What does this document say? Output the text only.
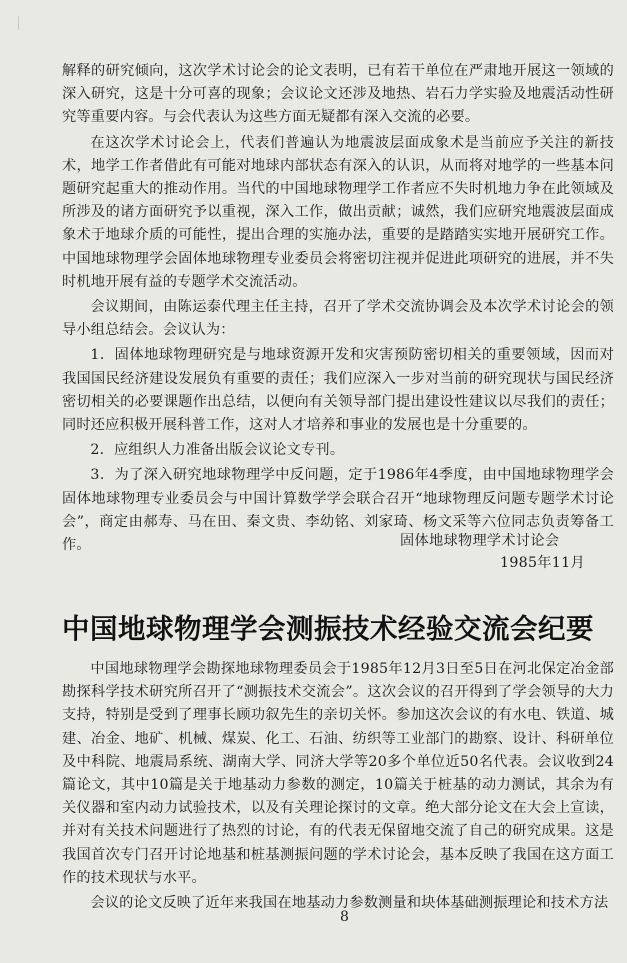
解释的研究倾向，这次学术讨论会的论文表明，已有若干单位在严肃地开展这一领域的深入研究，这是十分可喜的现象；会议论文还涉及地热、岩石力学实验及地震活动性研究等重要内容。与会代表认为这些方面无疑都有深入交流的必要。

在这次学术讨论会上，代表们普遍认为地震波层面成象术是当前应予关注的新技术，地学工作者借此有可能对地球内部状态有深入的认识，从而将对地学的一些基本问题研究起重大的推动作用。当代的中国地球物理学工作者应不失时机地力争在此领域及所涉及的诸方面研究予以重视，深入工作，做出贡献；诚然，我们应研究地震波层面成象术于地球介质的可能性，提出合理的实施办法，重要的是踏踏实实地开展研究工作。中国地球物理学会固体地球物理专业委员会将密切注视并促进此项研究的进展，并不失时机地开展有益的专题学术交流活动。

会议期间，由陈运泰代理主任主持，召开了学术交流协调会及本次学术讨论会的领导小组总结会。会议认为：

1．固体地球物理研究是与地球资源开发和灾害预防密切相关的重要领域，因而对我国国民经济建设发展负有重要的责任；我们应深入一步对当前的研究现状与国民经济密切相关的必要课题作出总结，以便向有关领导部门提出建设性建议以尽我们的责任；同时还应积极开展科普工作，这对人才培养和事业的发展也是十分重要的。

2．应组织人力准备出版会议论文专刊。

3．为了深入研究地球物理学中反问题，定于1986年4季度，由中国地球物理学会固体地球物理专业委员会与中国计算数学学会联合召开“地球物理反问题专题学术讨论会”，商定由郝寿、马在田、秦文贵、李幼铭、刘家琦、杨文采等六位同志负责筹备工作。	固体地球物理学术讨论会
1985年11月
中国地球物理学会测振技术经验交流会纪要

中国地球物理学会勘探地球物理委员会于1985年12月3日至5日在河北保定冶金部勘探科学技术研究所召开了“测振技术交流会”。这次会议的召开得到了学会领导的大力支持，特别是受到了理事长顾功叙先生的亲切关怀。参加这次会议的有水电、铁道、城建、冶金、地矿、机械、煤炭、化工、石油、纺织等工业部门的勘察、设计、科研单位及中科院、地震局系统、湖南大学、同济大学等20多个单位近50名代表。会议收到24篇论文，其中10篇是关于地基动力参数的测定，10篇关于桩基的动力测试，其余为有关仪器和室内动力试验技术，以及有关理论探讨的文章。绝大部分论文在大会上宣读，并对有关技术问题进行了热烈的讨论，有的代表无保留地交流了自己的研究成果。这是我国首次专门召开讨论地基和桩基测振问题的学术讨论会，基本反映了我国在这方面工作的技术现状与水平。

会议的论文反映了近年来我国在地基动力参数测量和块体基础测振理论和技术方法

8
